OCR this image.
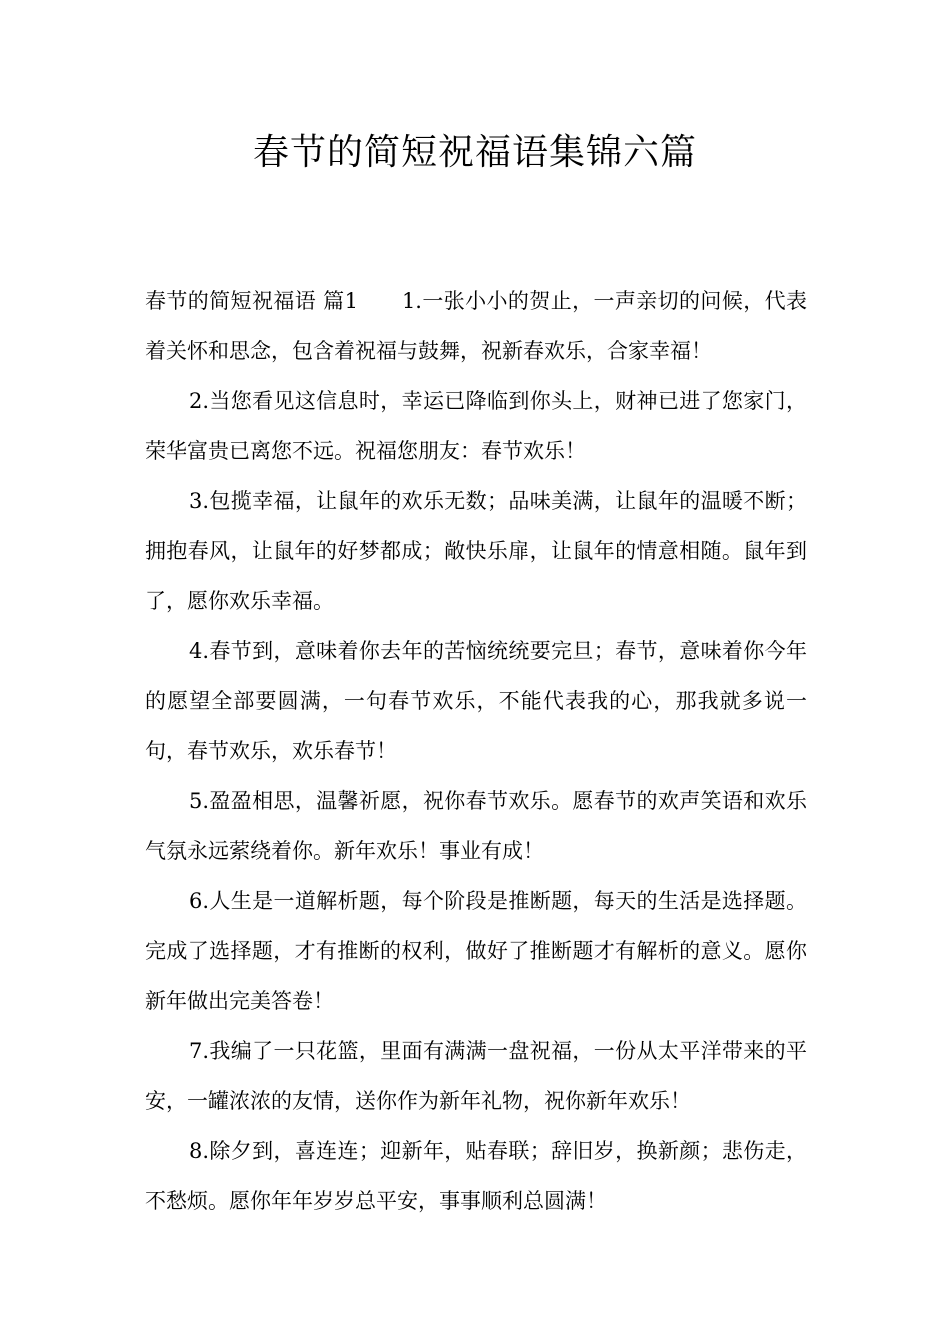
春节的简短祝福语集锦六篇

春节的简短祝福语 篇1 1.一张小小的贺止，一声亲切的问候，代表着关怀和思念，包含着祝福与鼓舞，祝新春欢乐，合家幸福！

2.当您看见这信息时，幸运已降临到你头上，财神已进了您家门，荣华富贵已离您不远。祝福您朋友：春节欢乐！

3.包揽幸福，让鼠年的欢乐无数；品味美满，让鼠年的温暖不断；拥抱春风，让鼠年的好梦都成；敞快乐扉，让鼠年的情意相随。鼠年到了，愿你欢乐幸福。

4.春节到，意味着你去年的苦恼统统要完旦；春节，意味着你今年的愿望全部要圆满，一句春节欢乐，不能代表我的心，那我就多说一句，春节欢乐，欢乐春节！

5.盈盈相思，温馨祈愿，祝你春节欢乐。愿春节的欢声笑语和欢乐气氛永远萦绕着你。新年欢乐！事业有成！

6.人生是一道解析题，每个阶段是推断题，每天的生活是选择题。完成了选择题，才有推断的权利，做好了推断题才有解析的意义。愿你新年做出完美答卷！

7.我编了一只花篮，里面有满满一盘祝福，一份从太平洋带来的平安，一罐浓浓的友情，送你作为新年礼物，祝你新年欢乐！

8.除夕到，喜连连；迎新年，贴春联；辞旧岁，换新颜；悲伤走，不愁烦。愿你年年岁岁总平安，事事顺利总圆满！
